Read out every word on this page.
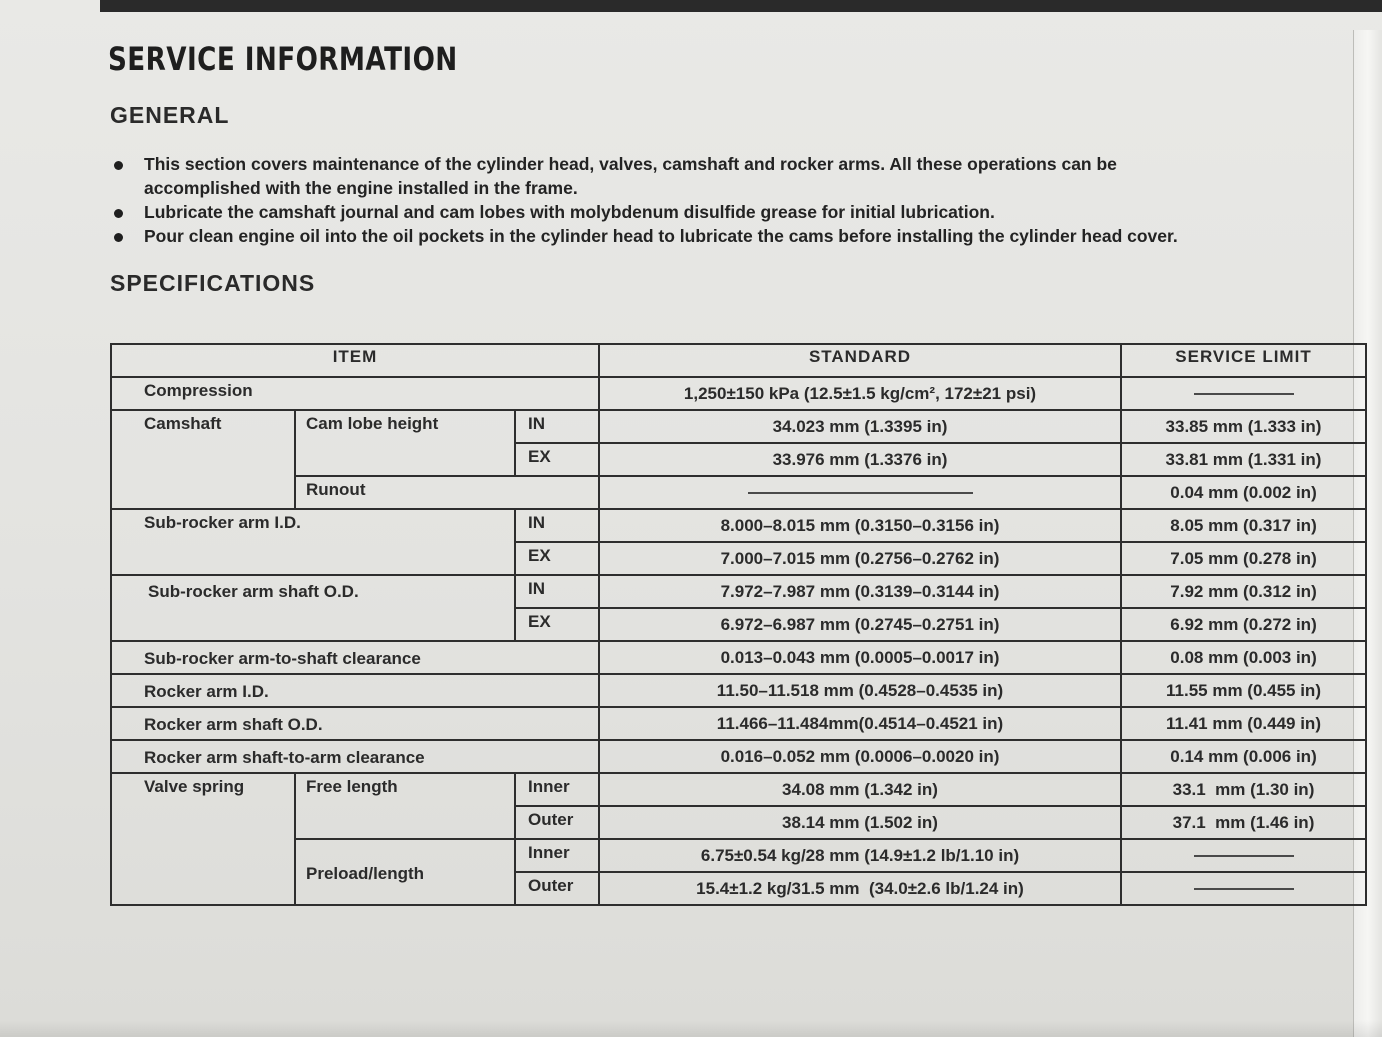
SERVICE INFORMATION
GENERAL
This section covers maintenance of the cylinder head, valves, camshaft and rocker arms. All these operations can be
accomplished with the engine installed in the frame.
Lubricate the camshaft journal and cam lobes with molybdenum disulfide grease for initial lubrication.
Pour clean engine oil into the oil pockets in the cylinder head to lubricate the cams before installing the cylinder head cover.
SPECIFICATIONS
ITEM			STANDARD	SERVICE LIMIT
Compression			1,250±150 kPa (12.5±1.5 kg/cm², 172±21 psi)	
Camshaft	Cam lobe height	IN	34.023 mm (1.3395 in)	33.85 mm (1.333 in)
		EX	33.976 mm (1.3376 in)	33.81 mm (1.331 in)
	Runout			0.04 mm (0.002 in)
Sub-rocker arm I.D.		IN	8.000–8.015 mm (0.3150–0.3156 in)	8.05 mm (0.317 in)
		EX	7.000–7.015 mm (0.2756–0.2762 in)	7.05 mm (0.278 in)
Sub-rocker arm shaft O.D.		IN	7.972–7.987 mm (0.3139–0.3144 in)	7.92 mm (0.312 in)
		EX	6.972–6.987 mm (0.2745–0.2751 in)	6.92 mm (0.272 in)
Sub-rocker arm-to-shaft clearance			0.013–0.043 mm (0.0005–0.0017 in)	0.08 mm (0.003 in)
Rocker arm I.D.			11.50–11.518 mm (0.4528–0.4535 in)	11.55 mm (0.455 in)
Rocker arm shaft O.D.			11.466–11.484mm(0.4514–0.4521 in)	11.41 mm (0.449 in)
Rocker arm shaft-to-arm clearance			0.016–0.052 mm (0.0006–0.0020 in)	0.14 mm (0.006 in)
Valve spring	Free length	Inner	34.08 mm (1.342 in)	33.1  mm (1.30 in)
		Outer	38.14 mm (1.502 in)	37.1  mm (1.46 in)
	Preload/length	Inner	6.75±0.54 kg/28 mm (14.9±1.2 lb/1.10 in)	
		Outer	15.4±1.2 kg/31.5 mm  (34.0±2.6 lb/1.24 in)	
